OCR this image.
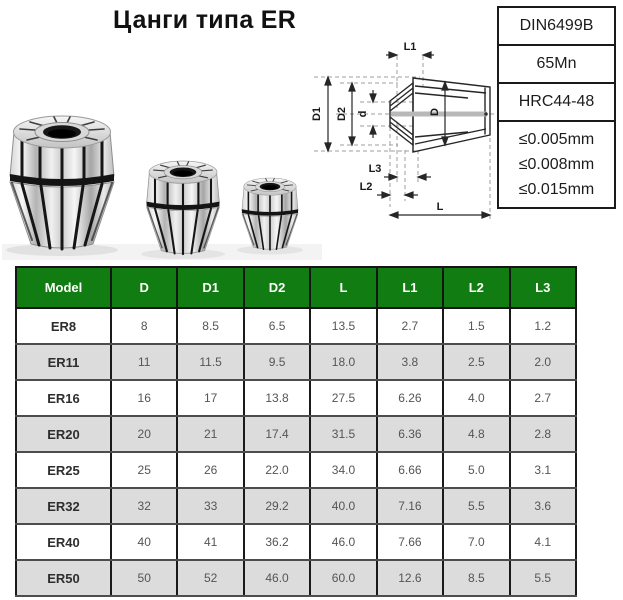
Цанги типа ER
D1 D2 d	D
L1
L3
L2
L
DIN6499B
65Mn
HRC44-48
≤0.005mm
≤0.008mm
≤0.015mm
Model	D	D1	D2	L	L1	L2	L3
ER8	8	8.5	6.5	13.5	2.7	1.5	1.2
ER11	11	11.5	9.5	18.0	3.8	2.5	2.0
ER16	16	17	13.8	27.5	6.26	4.0	2.7
ER20	20	21	17.4	31.5	6.36	4.8	2.8
ER25	25	26	22.0	34.0	6.66	5.0	3.1
ER32	32	33	29.2	40.0	7.16	5.5	3.6
ER40	40	41	36.2	46.0	7.66	7.0	4.1
ER50	50	52	46.0	60.0	12.6	8.5	5.5
